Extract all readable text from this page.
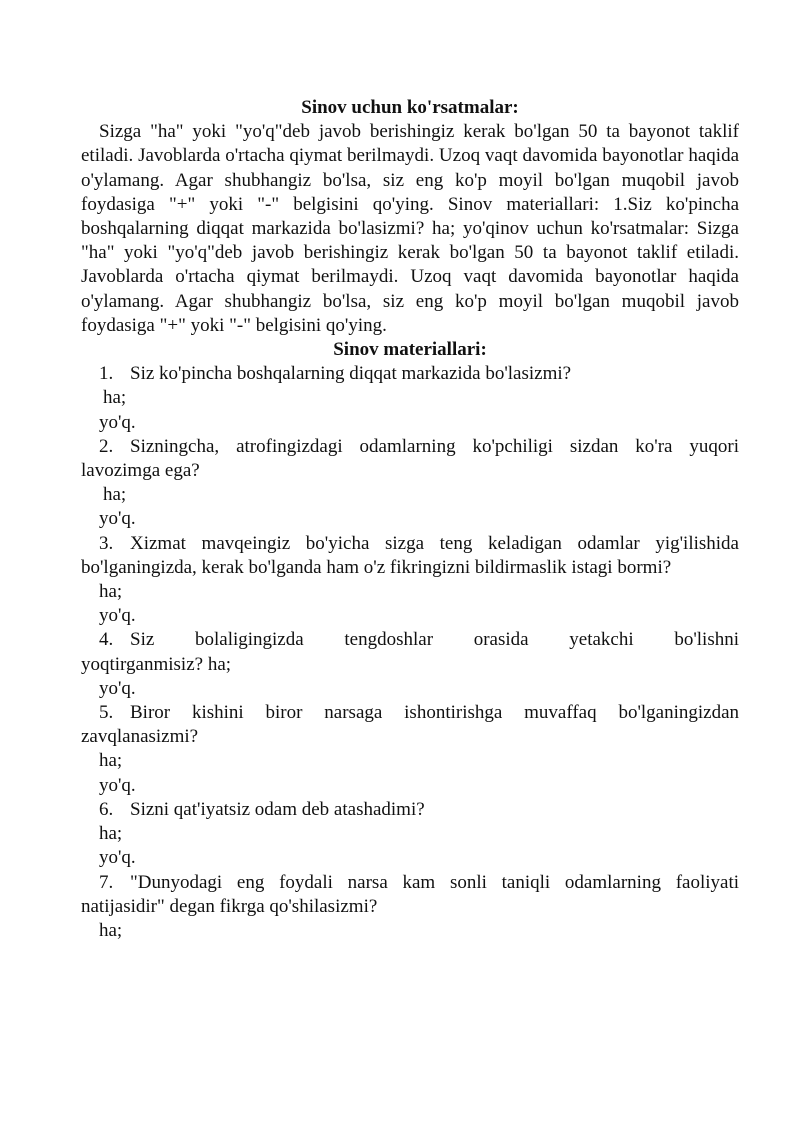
Sinov uchun ko'rsatmalar:

Sizga "ha" yoki "yo'q"deb javob berishingiz kerak bo'lgan 50 ta bayonot taklif etiladi. Javoblarda o'rtacha qiymat berilmaydi. Uzoq vaqt davomida bayonotlar haqida o'ylamang. Agar shubhangiz bo'lsa, siz eng ko'p moyil bo'lgan muqobil javob foydasiga "+" yoki "-" belgisini qo'ying. Sinov materiallari: 1.Siz ko'pincha boshqalarning diqqat markazida bo'lasizmi? ha; yo'qinov uchun ko'rsatmalar: Sizga "ha" yoki "yo'q"deb javob berishingiz kerak bo'lgan 50 ta bayonot taklif etiladi. Javoblarda o'rtacha qiymat berilmaydi. Uzoq vaqt davomida bayonotlar haqida o'ylamang. Agar shubhangiz bo'lsa, siz eng ko'p moyil bo'lgan muqobil javob foydasiga "+" yoki "-" belgisini qo'ying.

Sinov materiallari:

1. Siz ko'pincha boshqalarning diqqat markazida bo'lasizmi?

ha;

yo'q.

2. Sizningcha, atrofingizdagi odamlarning ko'pchiligi sizdan ko'ra yuqori lavozimga ega?

ha;

yo'q.

3. Xizmat mavqeingiz bo'yicha sizga teng keladigan odamlar yig'ilishida bo'lganingizda, kerak bo'lganda ham o'z fikringizni bildirmaslik istagi bormi?

ha;

yo'q.

4. Siz bolaligingizda tengdoshlar orasida yetakchi bo'lishni

yoqtirganmisiz? ha;

yo'q.

5. Biror kishini biror narsaga ishontirishga muvaffaq bo'lganingizdan zavqlanasizmi?

ha;

yo'q.

6. Sizni qat'iyatsiz odam deb atashadimi?

ha;

yo'q.

7. "Dunyodagi eng foydali narsa kam sonli taniqli odamlarning faoliyati natijasidir" degan fikrga qo'shilasizmi?

ha;
